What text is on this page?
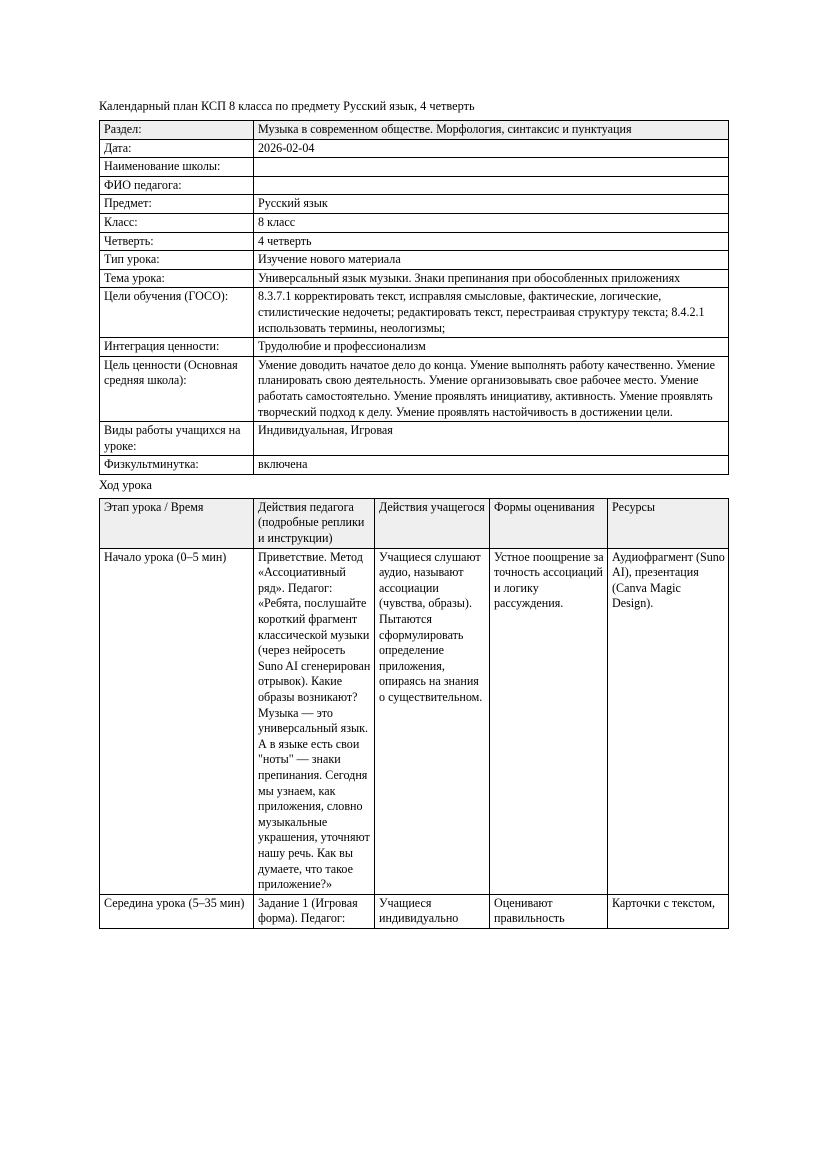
Календарный план КСП 8 класса по предмету Русский язык, 4 четверть
Раздел:	Музыка в современном обществе. Морфология, синтаксис и пунктуация
Дата:	2026-02-04
Наименование школы:	
ФИО педагога:	
Предмет:	Русский язык
Класс:	8 класс
Четверть:	4 четверть
Тип урока:	Изучение нового материала
Тема урока:	Универсальный язык музыки. Знаки препинания при обособленных приложениях
Цели обучения (ГОСО):	8.3.7.1 корректировать текст, исправляя смысловые, фактические, логические, стилистические недочеты; редактировать текст, перестраивая структуру текста; 8.4.2.1 использовать термины, неологизмы;
Интеграция ценности:	Трудолюбие и профессионализм
Цель ценности (Основная средняя школа):	Умение доводить начатое дело до конца. Умение выполнять работу качественно. Умение планировать свою деятельность. Умение организовывать свое рабочее место. Умение работать самостоятельно. Умение проявлять инициативу, активность. Умение проявлять творческий подход к делу. Умение проявлять настойчивость в достижении цели.
Виды работы учащихся на уроке:	Индивидуальная, Игровая
Физкультминутка:	включена
Ход урока
Этап урока / Время	Действия педагога (подробные реплики и инструкции)	Действия учащегося	Формы оценивания	Ресурсы
Начало урока (0–5 мин)	Приветствие. Метод «Ассоциативный ряд». Педагог: «Ребята, послушайте короткий фрагмент классической музыки (через нейросеть Suno AI сгенерирован отрывок). Какие образы возникают? Музыка — это универсальный язык. А в языке есть свои "ноты" — знаки препинания. Сегодня мы узнаем, как приложения, словно музыкальные украшения, уточняют нашу речь. Как вы думаете, что такое приложение?»	Учащиеся слушают аудио, называют ассоциации (чувства, образы). Пытаются сформулировать определение приложения, опираясь на знания о существительном.	Устное поощрение за точность ассоциаций и логику рассуждения.	Аудиофрагмент (Suno AI), презентация (Canva Magic Design).
Середина урока (5–35 мин)	Задание 1 (Игровая форма). Педагог:	Учащиеся индивидуально	Оценивают правильность	Карточки с текстом,
